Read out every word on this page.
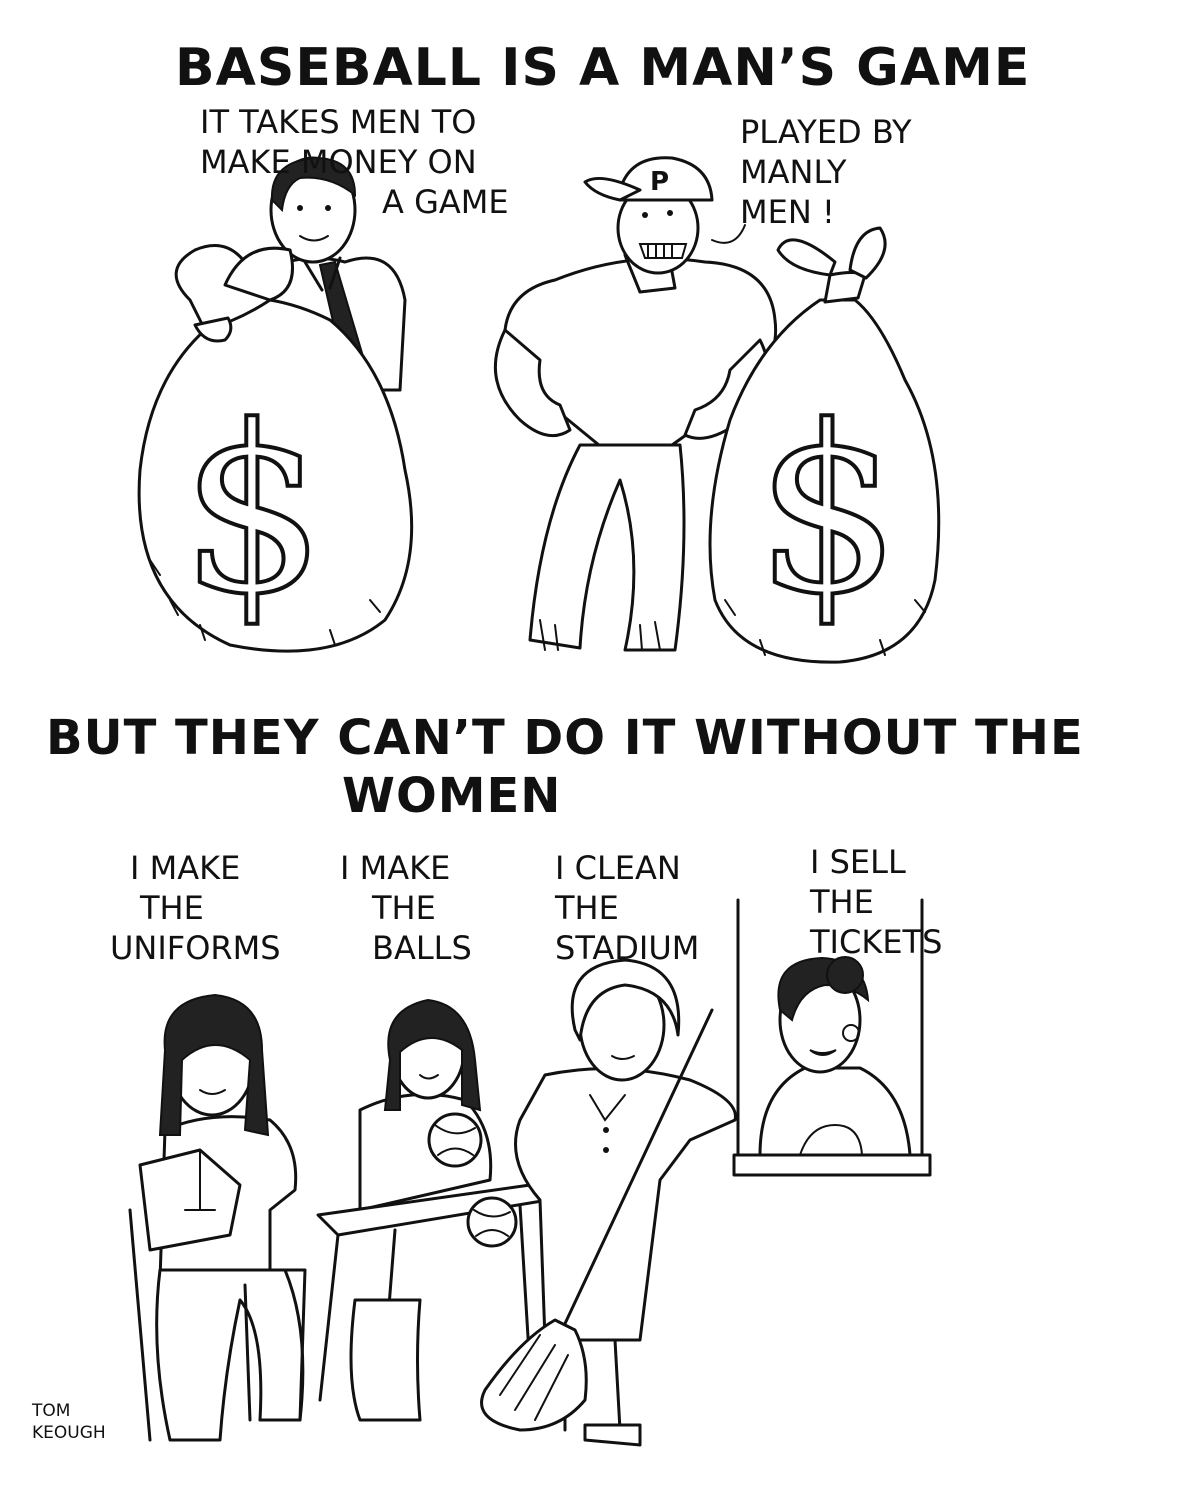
$
P
$
BASEBALL IS A MAN’S GAME
IT TAKES MEN TO
MAKE MONEY ON
A GAME
PLAYED BY
MANLY
MEN !
BUT THEY CAN’T DO IT WITHOUT THE
WOMEN
I MAKE
THE
UNIFORMS
I MAKE
THE
BALLS
I CLEAN
THE
STADIUM
I SELL
THE
TICKETS
TOM
KEOUGH
